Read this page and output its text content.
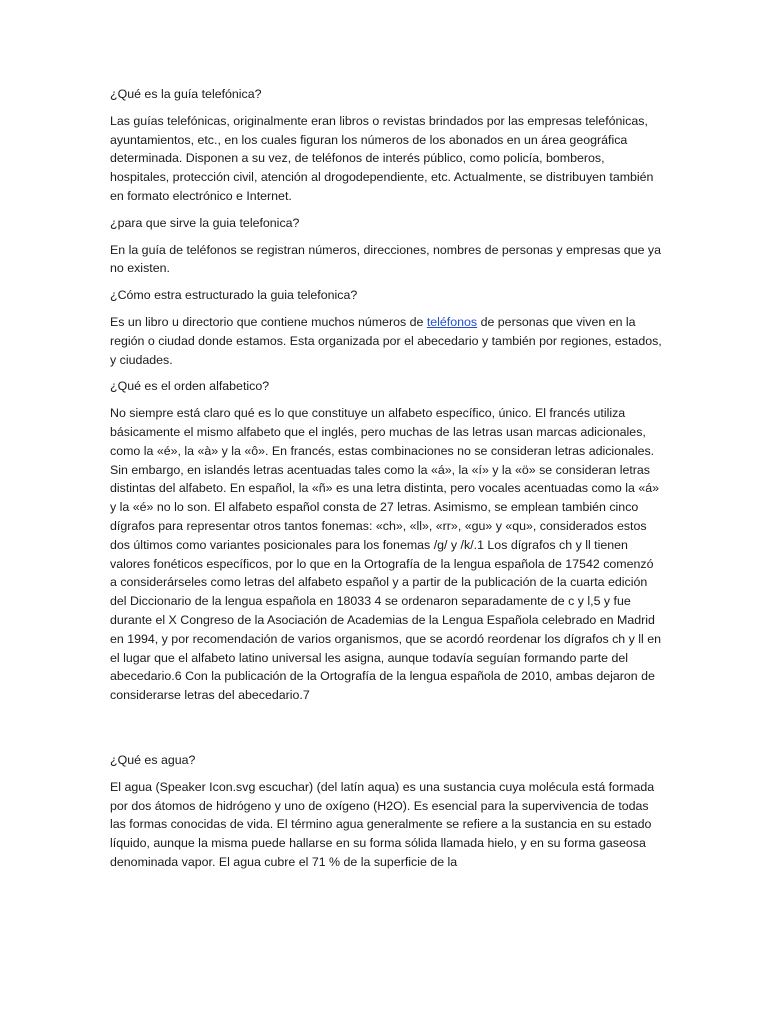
¿Qué es la guía telefónica?

Las guías telefónicas, originalmente eran libros o revistas brindados por las empresas telefónicas, ayuntamientos, etc., en los cuales figuran los números de los abonados en un área geográfica determinada. Disponen a su vez, de teléfonos de interés público, como policía, bomberos, hospitales, protección civil, atención al drogodependiente, etc. Actualmente, se distribuyen también en formato electrónico e Internet.

¿para que sirve la guia telefonica?

En la guía de teléfonos se registran números, direcciones, nombres de personas y empresas que ya no existen.

¿Cómo estra estructurado la guia telefonica?

Es un libro u directorio que contiene muchos números de teléfonos de personas que viven en la región o ciudad donde estamos. Esta organizada por el abecedario y también por regiones, estados, y ciudades.

¿Qué es el orden alfabetico?

No siempre está claro qué es lo que constituye un alfabeto específico, único. El francés utiliza básicamente el mismo alfabeto que el inglés, pero muchas de las letras usan marcas adicionales, como la «é», la «à» y la «ô». En francés, estas combinaciones no se consideran letras adicionales. Sin embargo, en islandés letras acentuadas tales como la «á», la «í» y la «ö» se consideran letras distintas del alfabeto. En español, la «ñ» es una letra distinta, pero vocales acentuadas como la «á» y la «é» no lo son. El alfabeto español consta de 27 letras. Asimismo, se emplean también cinco dígrafos para representar otros tantos fonemas: «ch», «ll», «rr», «gu» y «qu», considerados estos dos últimos como variantes posicionales para los fonemas /g/ y /k/.1 Los dígrafos ch y ll tienen valores fonéticos específicos, por lo que en la Ortografía de la lengua española de 17542 comenzó a considerárseles como letras del alfabeto español y a partir de la publicación de la cuarta edición del Diccionario de la lengua española en 18033 4 se ordenaron separadamente de c y l,5 y fue durante el X Congreso de la Asociación de Academias de la Lengua Española celebrado en Madrid en 1994, y por recomendación de varios organismos, que se acordó reordenar los dígrafos ch y ll en el lugar que el alfabeto latino universal les asigna, aunque todavía seguían formando parte del abecedario.6 Con la publicación de la Ortografía de la lengua española de 2010, ambas dejaron de considerarse letras del abecedario.7

¿Qué es agua?

El agua (Speaker Icon.svg escuchar) (del latín aqua) es una sustancia cuya molécula está formada por dos átomos de hidrógeno y uno de oxígeno (H2O). Es esencial para la supervivencia de todas las formas conocidas de vida. El término agua generalmente se refiere a la sustancia en su estado líquido, aunque la misma puede hallarse en su forma sólida llamada hielo, y en su forma gaseosa denominada vapor. El agua cubre el 71 % de la superficie de la
